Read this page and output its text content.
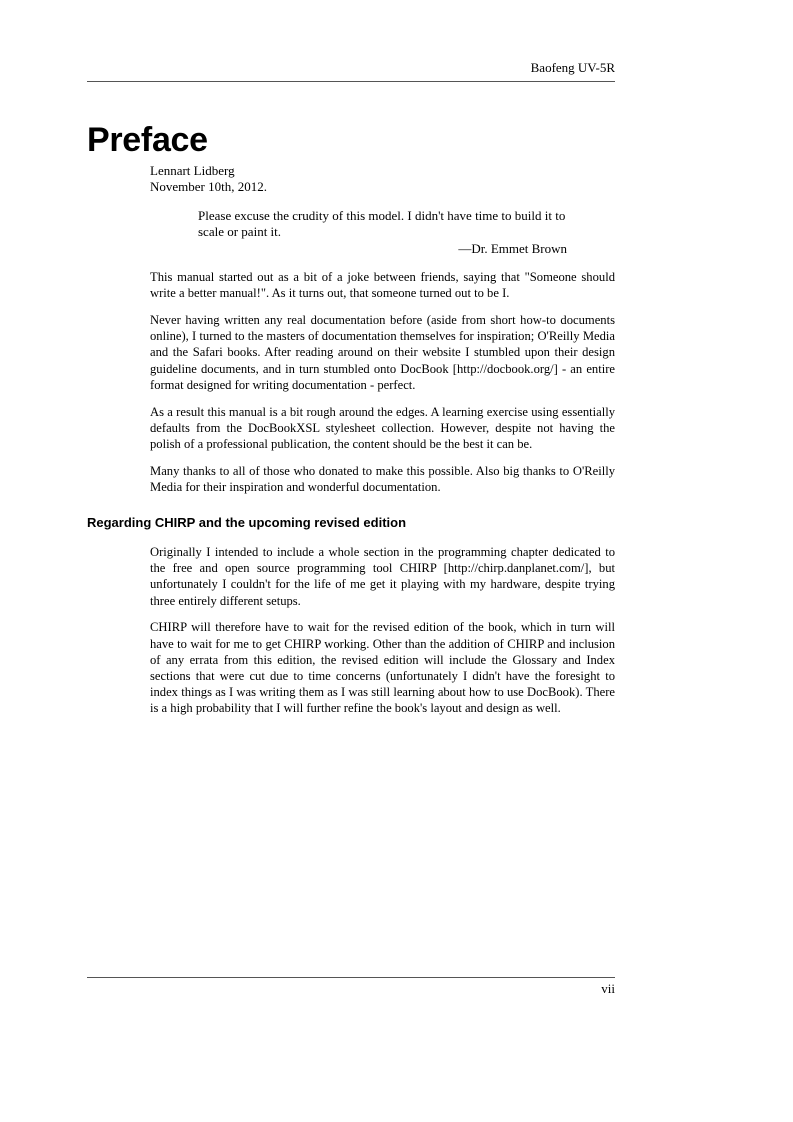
Baofeng UV-5R
Preface
Lennart Lidberg
November 10th, 2012.

Please excuse the crudity of this model. I didn't have time to build it to scale or paint it.

—Dr. Emmet Brown

This manual started out as a bit of a joke between friends, saying that "Someone should write a better manual!". As it turns out, that someone turned out to be I.

Never having written any real documentation before (aside from short how-to documents online), I turned to the masters of documentation themselves for inspiration; O'Reilly Media and the Safari books. After reading around on their website I stumbled upon their design guideline documents, and in turn stumbled onto DocBook [http://docbook.org/] - an entire format designed for writing documentation - perfect.

As a result this manual is a bit rough around the edges. A learning exercise using essentially defaults from the DocBookXSL stylesheet collection. However, despite not having the polish of a professional publication, the content should be the best it can be.

Many thanks to all of those who donated to make this possible. Also big thanks to O'Reilly Media for their inspiration and wonderful documentation.

Regarding CHIRP and the upcoming revised edition

Originally I intended to include a whole section in the programming chapter dedicated to the free and open source programming tool CHIRP [http://chirp.danplanet.com/], but unfortunately I couldn't for the life of me get it playing with my hardware, despite trying three entirely different setups.

CHIRP will therefore have to wait for the revised edition of the book, which in turn will have to wait for me to get CHIRP working. Other than the addition of CHIRP and inclusion of any errata from this edition, the revised edition will include the Glossary and Index sections that were cut due to time concerns (unfortunately I didn't have the foresight to index things as I was writing them as I was still learning about how to use DocBook). There is a high probability that I will further refine the book's layout and design as well.

vii
